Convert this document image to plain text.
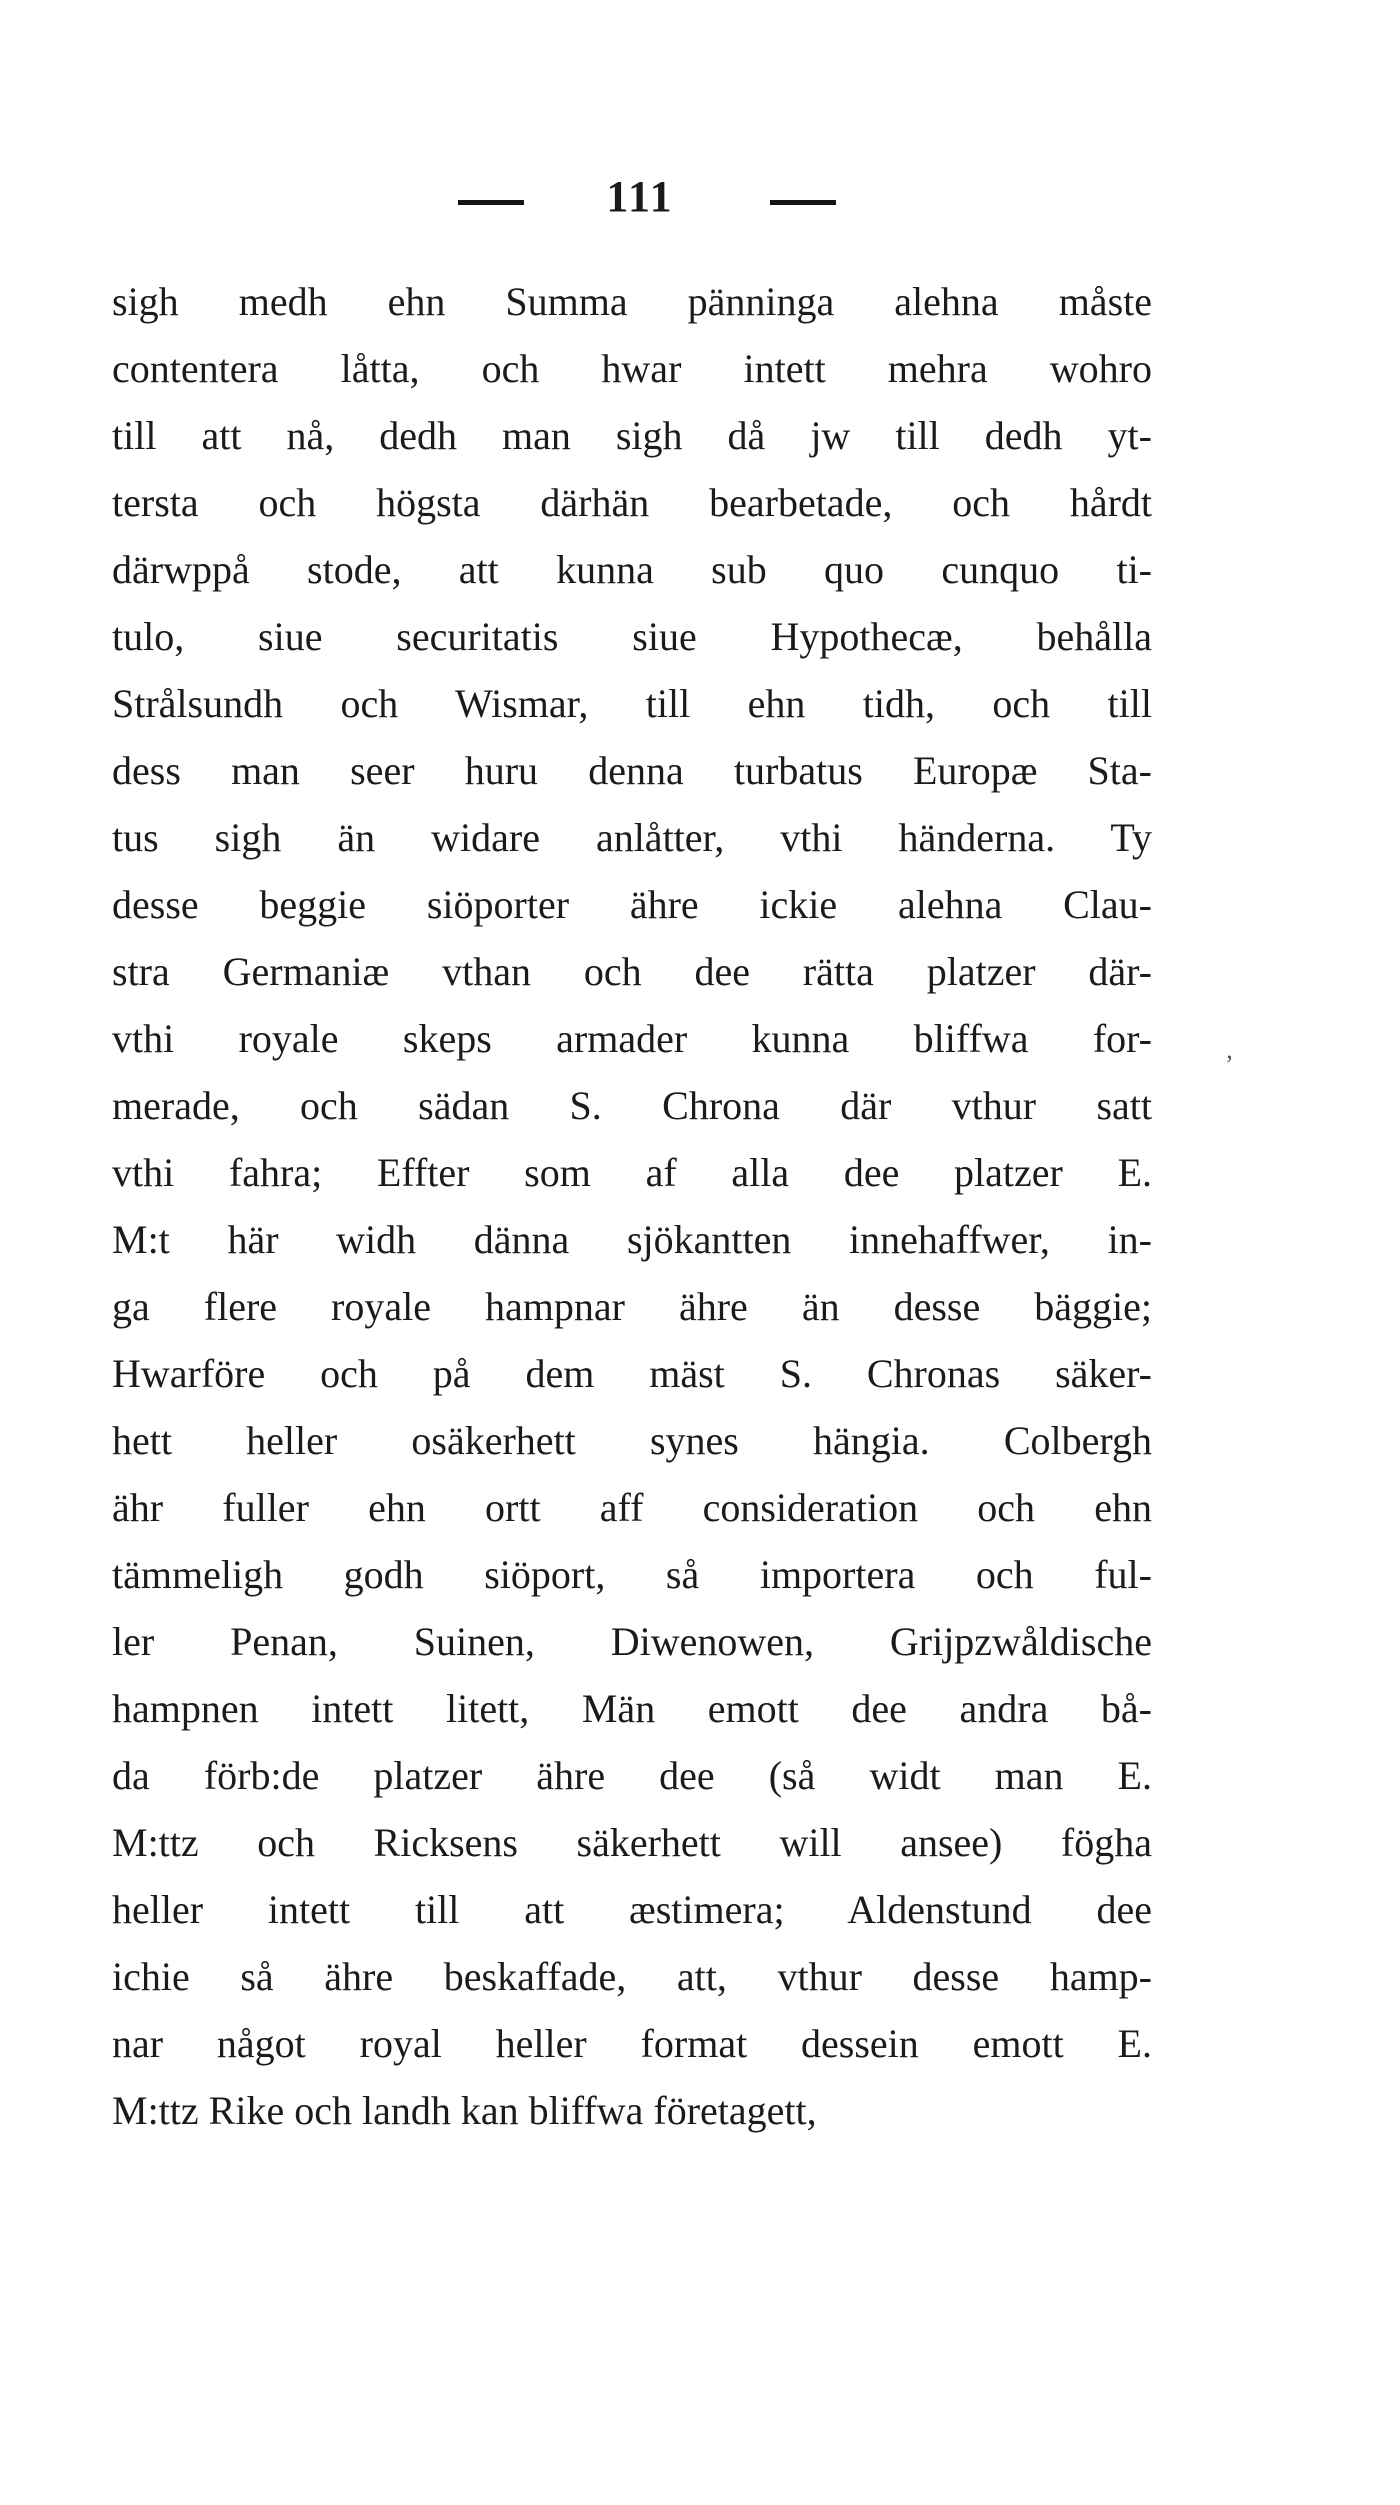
111
sigh medh ehn Summa pänninga alehna måste
contentera låtta, och hwar intett mehra wohro
till att nå, dedh man sigh då jw till dedh yt-
tersta och högsta därhän bearbetade, och hårdt
därwppå stode, att kunna sub quo cunquo ti-
tulo, siue securitatis siue Hypothecæ, behålla
Strålsundh och Wismar, till ehn tidh, och till
dess man seer huru denna turbatus Europæ Sta-
tus sigh än widare anlåtter, vthi händerna. Ty
desse beggie siöporter ähre ickie alehna Clau-
stra Germaniæ vthan och dee rätta platzer där-
vthi royale skeps armader kunna bliffwa for-
merade, och sädan S. Chrona där vthur satt
vthi fahra; Effter som af alla dee platzer E.
M:t här widh dänna sjökantten innehaffwer, in-
ga flere royale hampnar ähre än desse bäggie;
Hwarföre och på dem mäst S. Chronas säker-
hett heller osäkerhett synes hängia. Colbergh
ähr fuller ehn ortt aff consideration och ehn
tämmeligh godh siöport, så importera och ful-
ler Penan, Suinen, Diwenowen, Grijpzwåldische
hampnen intett litett, Män emott dee andra bå-
da förb:de platzer ähre dee (så widt man E.
M:ttz och Ricksens säkerhett will ansee) fögha
heller intett till att æstimera; Aldenstund dee
ichie så ähre beskaffade, att, vthur desse hamp-
nar något royal heller format dessein emott E.
M:ttz Rike och landh kan bliffwa företagett,
‚
